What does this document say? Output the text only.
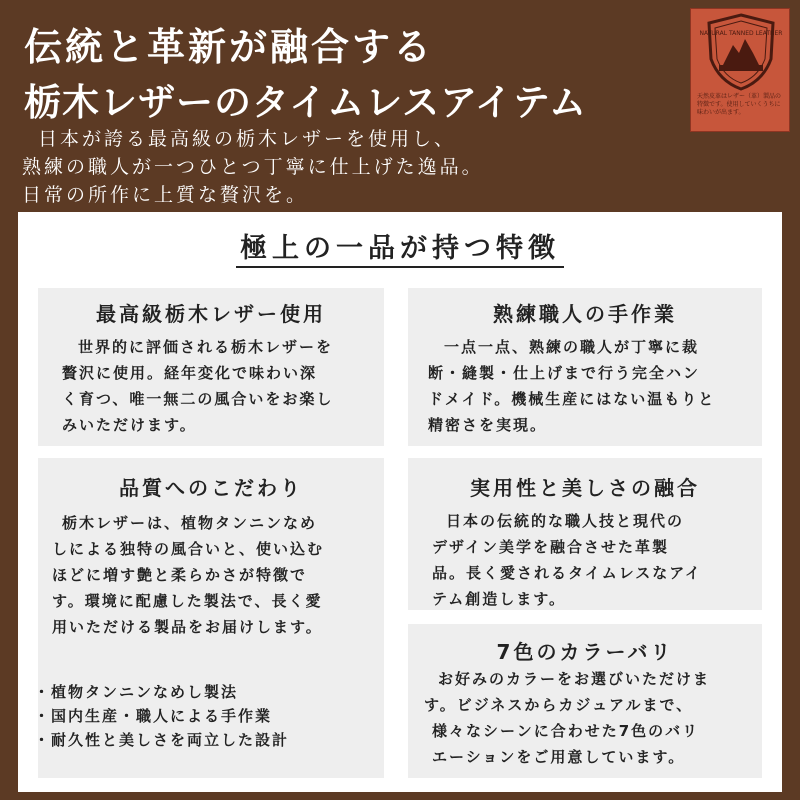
伝統と革新が融合する
栃木レザーのタイムレスアイテム
日本が誇る最高級の栃木レザーを使用し、
熟練の職人が一つひとつ丁寧に仕上げた逸品。
日常の所作に上質な贅沢を。
NATURAL TANNED LEATHER
天然皮革はレザー（革）製品の特徴です。使用していくうちに味わいが出ます。
極上の一品が持つ特徴
最高級栃木レザー使用
世界的に評価される栃木レザーを
贅沢に使用。経年変化で味わい深
く育つ、唯一無二の風合いをお楽し
みいただけます。
熟練職人の手作業
一点一点、熟練の職人が丁寧に裁
断・縫製・仕上げまで行う完全ハン
ドメイド。機械生産にはない温もりと
精密さを実現。
品質へのこだわり
栃木レザーは、植物タンニンなめ
しによる独特の風合いと、使い込む
ほどに増す艶と柔らかさが特徴で
す。環境に配慮した製法で、長く愛
用いただける製品をお届けします。
実用性と美しさの融合
日本の伝統的な職人技と現代の
デザイン美学を融合させた革製
品。長く愛されるタイムレスなアイ
テム創造します。
7色のカラーバリ
お好みのカラーをお選びいただけま
す。ビジネスからカジュアルまで、
様々なシーンに合わせた7色のバリ
エーションをご用意しています。
・植物タンニンなめし製法
・国内生産・職人による手作業
・耐久性と美しさを両立した設計
